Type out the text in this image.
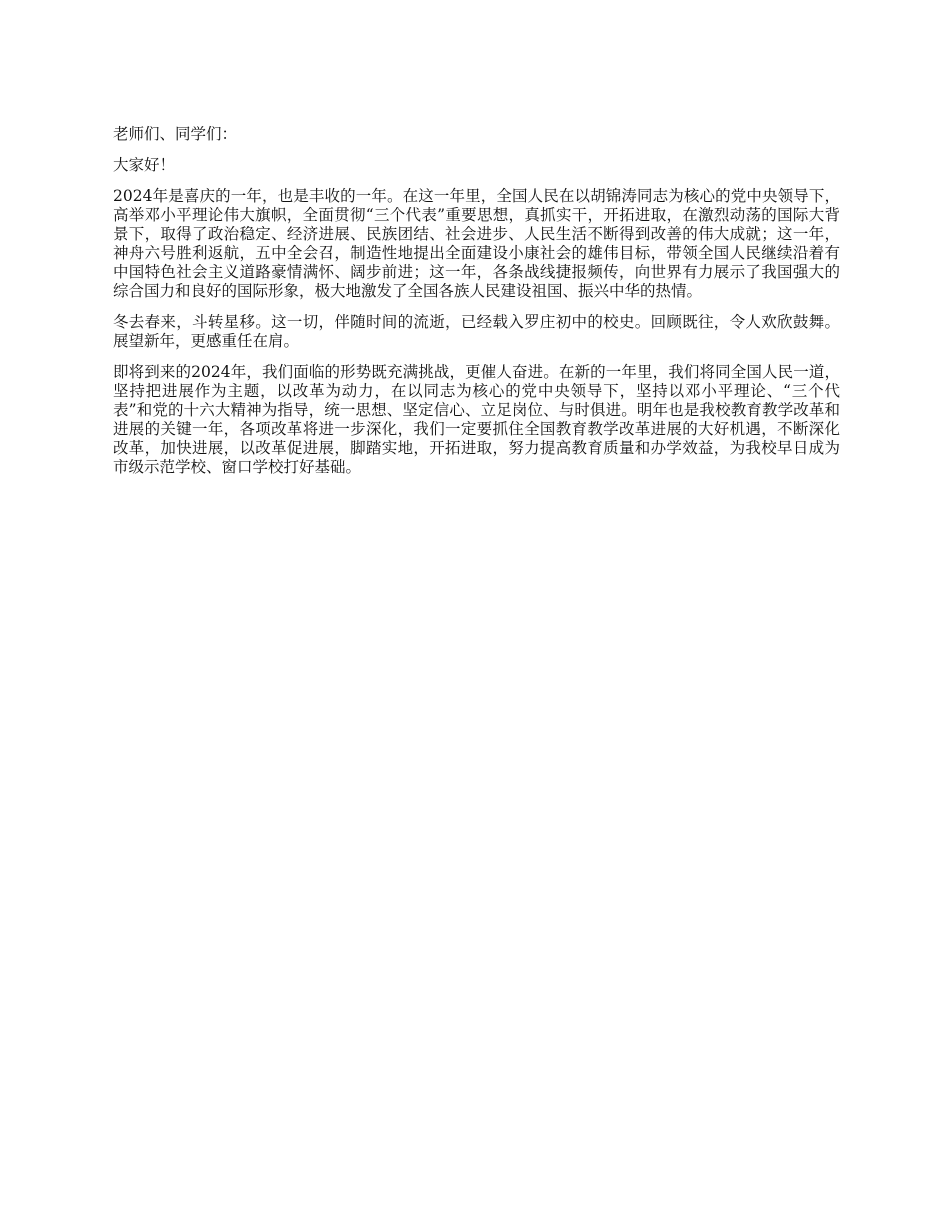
老师们、同学们：

大家好！

2024年是喜庆的一年，也是丰收的一年。在这一年里，全国人民在以胡锦涛同志为核心的党中央领导下，高举邓小平理论伟大旗帜，全面贯彻“三个代表”重要思想，真抓实干，开拓进取，在激烈动荡的国际大背景下，取得了政治稳定、经济进展、民族团结、社会进步、人民生活不断得到改善的伟大成就；这一年，神舟六号胜利返航，五中全会召，制造性地提出全面建设小康社会的雄伟目标，带领全国人民继续沿着有中国特色社会主义道路豪情满怀、阔步前进；这一年，各条战线捷报频传，向世界有力展示了我国强大的综合国力和良好的国际形象，极大地激发了全国各族人民建设祖国、振兴中华的热情。

冬去春来，斗转星移。这一切，伴随时间的流逝，已经载入罗庄初中的校史。回顾既往，令人欢欣鼓舞。展望新年，更感重任在肩。

即将到来的2024年，我们面临的形势既充满挑战，更催人奋进。在新的一年里，我们将同全国人民一道，坚持把进展作为主题，以改革为动力，在以同志为核心的党中央领导下，坚持以邓小平理论、“三个代表”和党的十六大精神为指导，统一思想、坚定信心、立足岗位、与时俱进。明年也是我校教育教学改革和进展的关键一年，各项改革将进一步深化，我们一定要抓住全国教育教学改革进展的大好机遇，不断深化改革，加快进展，以改革促进展，脚踏实地，开拓进取，努力提高教育质量和办学效益，为我校早日成为市级示范学校、窗口学校打好基础。
